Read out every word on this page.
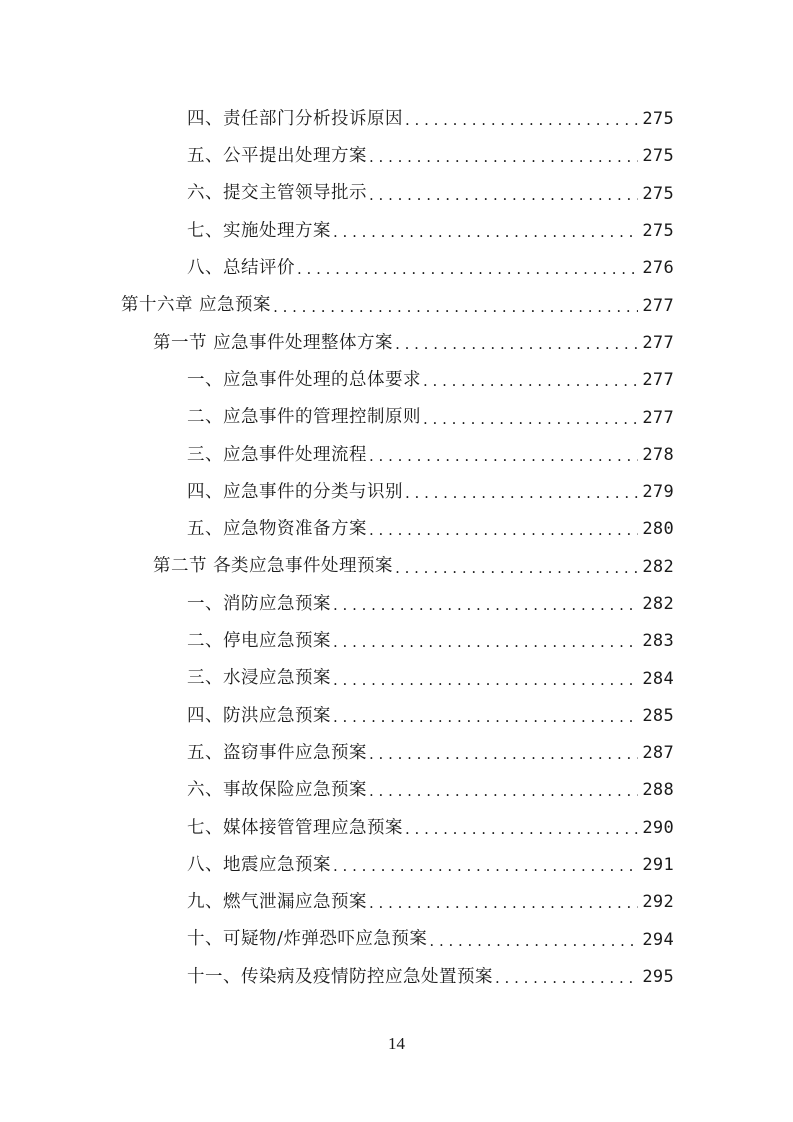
四、责任部门分析投诉原因 . . .	275
五、公平提出处理方案 . . .	275
六、提交主管领导批示 . . .	275
七、实施处理方案 . . .	275
八、总结评价 . . .	276
第十六章 应急预案 . . .	277
第一节 应急事件处理整体方案 . . .	277
一、应急事件处理的总体要求 . . .	277
二、应急事件的管理控制原则 . . .	277
三、应急事件处理流程 . . .	278
四、应急事件的分类与识别 . . .	279
五、应急物资准备方案 . . .	280
第二节 各类应急事件处理预案 . . .	282
一、消防应急预案 . . .	282
二、停电应急预案 . . .	283
三、水浸应急预案 . . .	284
四、防洪应急预案 . . .	285
五、盗窃事件应急预案 . . .	287
六、事故保险应急预案 . . .	288
七、媒体接管管理应急预案 . . .	290
八、地震应急预案 . . .	291
九、燃气泄漏应急预案 . . .	292
十、可疑物/炸弹恐吓应急预案 . . .	294
十一、传染病及疫情防控应急处置预案 . . .	295
14
